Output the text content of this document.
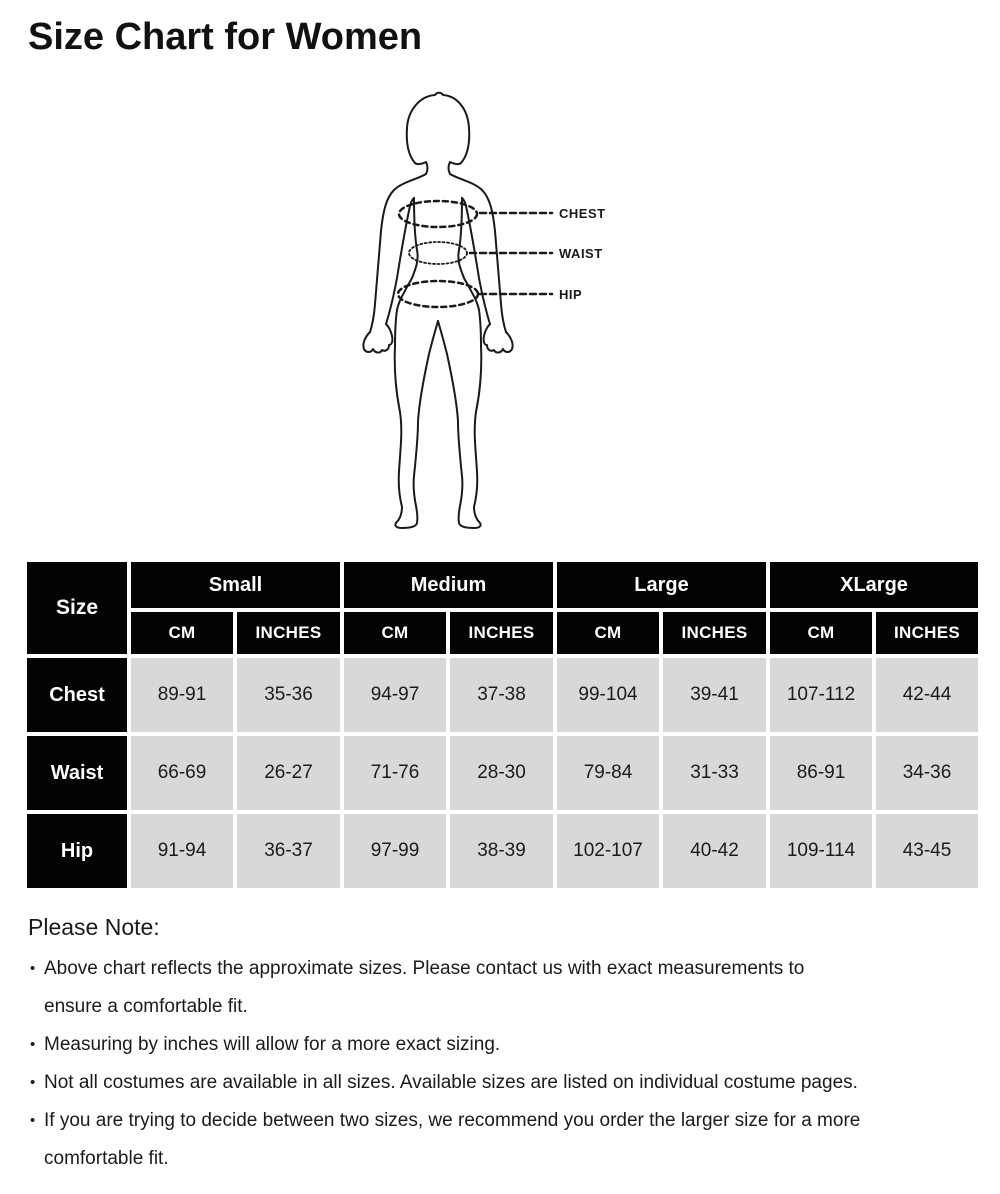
Size Chart for Women
CHEST
WAIST
HIP
Size	Small		Medium		Large		XLarge	
	CM	INCHES	CM	INCHES	CM	INCHES	CM	INCHES
Chest	89-91	35-36	94-97	37-38	99-104	39-41	107-112	42-44
Waist	66-69	26-27	71-76	28-30	79-84	31-33	86-91	34-36
Hip	91-94	36-37	97-99	38-39	102-107	40-42	109-114	43-45
Please Note:
• Above chart reflects the approximate sizes. Please contact us with exact measurements to
ensure a comfortable fit.
• Measuring by inches will allow for a more exact sizing.
• Not all costumes are available in all sizes. Available sizes are listed on individual costume pages.
• If you are trying to decide between two sizes, we recommend you order the larger size for a more
comfortable fit.
